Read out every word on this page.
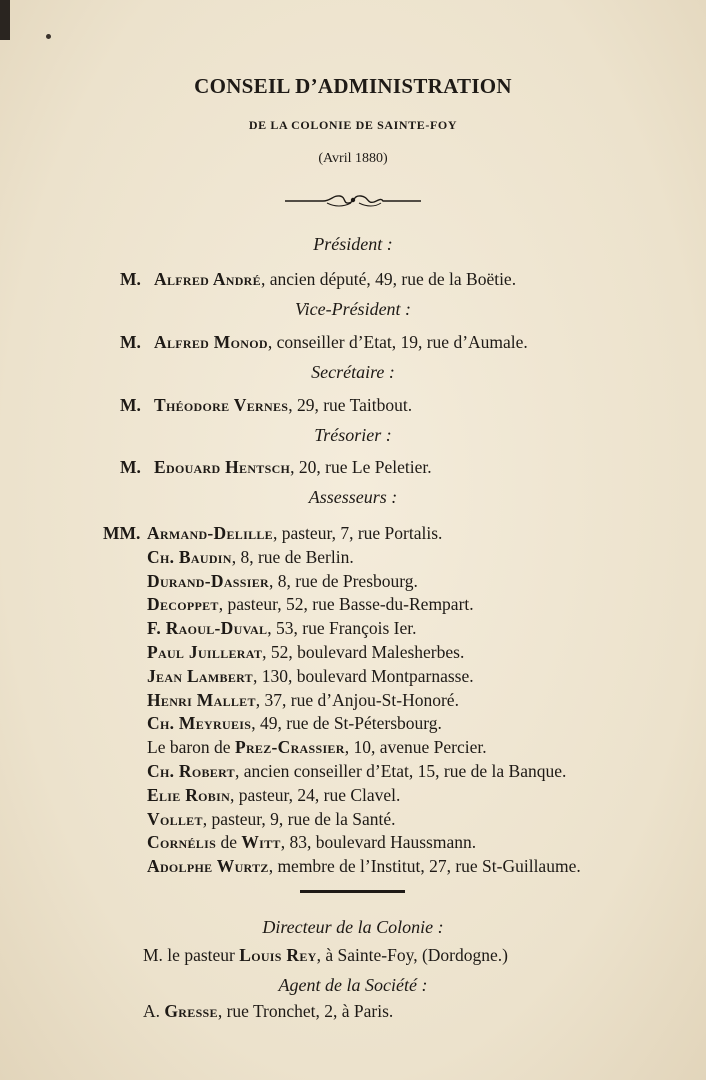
CONSEIL D’ADMINISTRATION
DE LA COLONIE DE SAINTE-FOY
(Avril 1880)
Président :
M. Alfred André, ancien député, 49, rue de la Boëtie.
Vice-Président :
M. Alfred Monod, conseiller d’Etat, 19, rue d’Aumale.
Secrétaire :
M. Théodore Vernes, 29, rue Taitbout.
Trésorier :
M. Edouard Hentsch, 20, rue Le Peletier.
Assesseurs :
MM. Armand-Delille, pasteur, 7, rue Portalis.
Ch. Baudin, 8, rue de Berlin.
Durand-Dassier, 8, rue de Presbourg.
Decoppet, pasteur, 52, rue Basse-du-Rempart.
F. Raoul-Duval, 53, rue François Ier.
Paul Juillerat, 52, boulevard Malesherbes.
Jean Lambert, 130, boulevard Montparnasse.
Henri Mallet, 37, rue d’Anjou-St-Honoré.
Ch. Meyrueis, 49, rue de St-Pétersbourg.
Le baron de Prez-Crassier, 10, avenue Percier.
Ch. Robert, ancien conseiller d’Etat, 15, rue de la Banque.
Elie Robin, pasteur, 24, rue Clavel.
Vollet, pasteur, 9, rue de la Santé.
Cornélis de Witt, 83, boulevard Haussmann.
Adolphe Wurtz, membre de l’Institut, 27, rue St-Guillaume.
Directeur de la Colonie :
M. le pasteur Louis Rey, à Sainte-Foy, (Dordogne.)
Agent de la Société :
A. Gresse, rue Tronchet, 2, à Paris.
